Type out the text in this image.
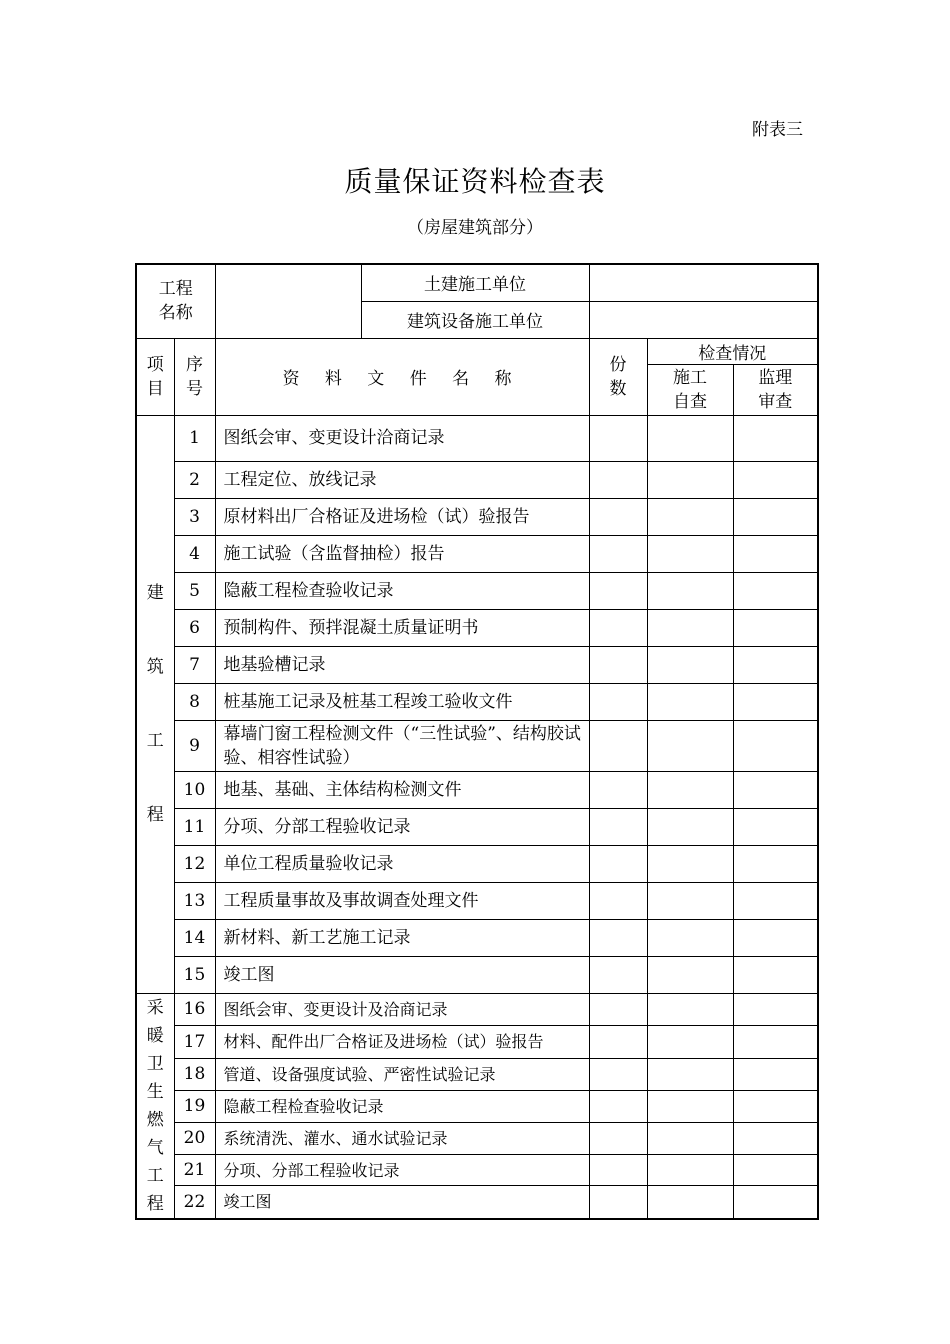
附表三
质量保证资料检查表
（房屋建筑部分）
工程名称			土建施工单位			
			建筑设备施工单位			

项目	序号	资 料 文 件 名 称		份数	检查情况	

					施工自查	监理审查

建筑工程	1	图纸会审、变更设计洽商记录				
	2	工程定位、放线记录				
	3	原材料出厂合格证及进场检（试）验报告				
	4	施工试验（含监督抽检）报告				
	5	隐蔽工程检查验收记录				
	6	预制构件、预拌混凝土质量证明书				
	7	地基验槽记录				
	8	桩基施工记录及桩基工程竣工验收文件				
	9	幕墙门窗工程检测文件（“三性试验”、结构胶试验、相容性试验）				
	10	地基、基础、主体结构检测文件				
	11	分项、分部工程验收记录				
	12	单位工程质量验收记录				
	13	工程质量事故及事故调查处理文件				
	14	新材料、新工艺施工记录				
	15	竣工图				

采暖卫生燃气工程	16	图纸会审、变更设计及洽商记录				
	17	材料、配件出厂合格证及进场检（试）验报告				
	18	管道、设备强度试验、严密性试验记录				
	19	隐蔽工程检查验收记录				
	20	系统清洗、灌水、通水试验记录				
	21	分项、分部工程验收记录				
	22	竣工图				
